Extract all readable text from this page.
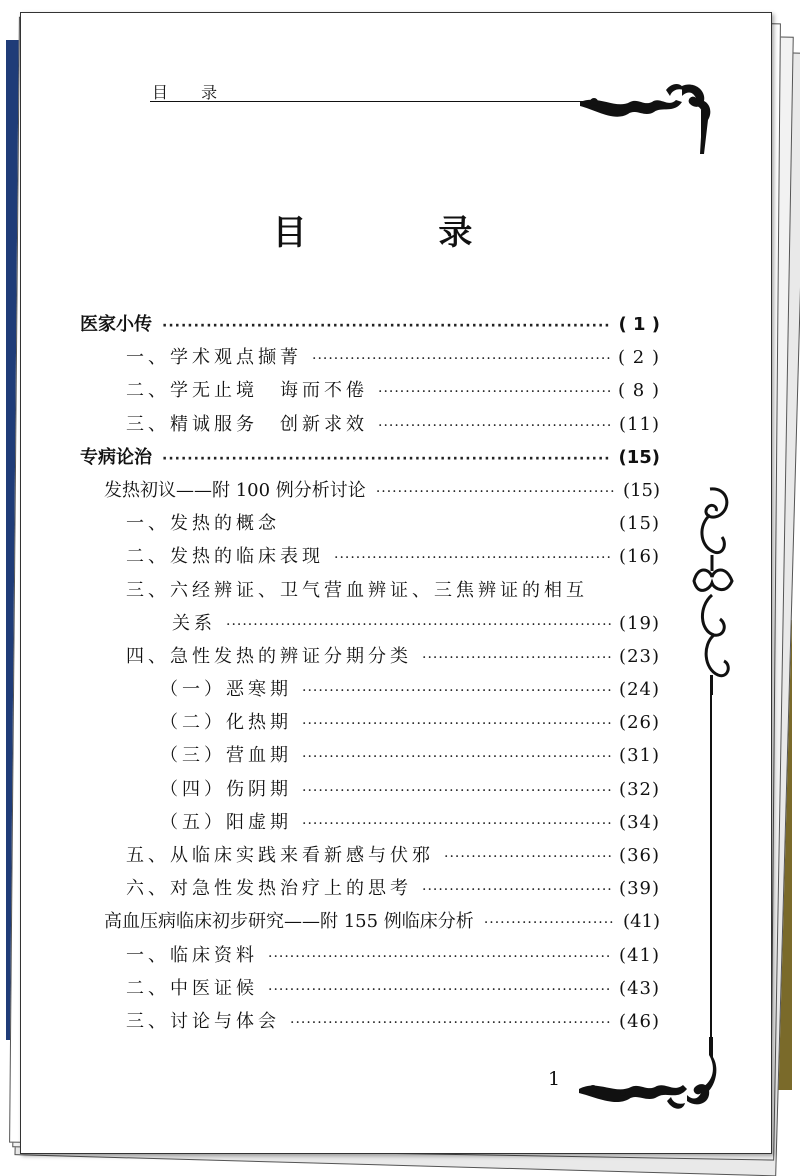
目 录
目 录
医家小传 ·····	( 1 )
一、学术观点撷菁 ·····	( 2 )
二、学无止境　诲而不倦 ·····	( 8 )
三、精诚服务　创新求效 ·····	(11)
专病论治 ·····	(15)
发热初议——附 100 例分析讨论 ·····	(15)
一、发热的概念	(15)
二、发热的临床表现 ·····	(16)
三、六经辨证、卫气营血辨证、三焦辨证的相互
关系 ·····	(19)
四、急性发热的辨证分期分类 ·····	(23)
（一）恶寒期 ·····	(24)
（二）化热期 ·····	(26)
（三）营血期 ·····	(31)
（四）伤阴期 ·····	(32)
（五）阳虚期 ·····	(34)
五、从临床实践来看新感与伏邪 ·····	(36)
六、对急性发热治疗上的思考 ·····	(39)
高血压病临床初步研究——附 155 例临床分析 ·····	(41)
一、临床资料 ·····	(41)
二、中医证候 ·····	(43)
三、讨论与体会 ·····	(46)
1
